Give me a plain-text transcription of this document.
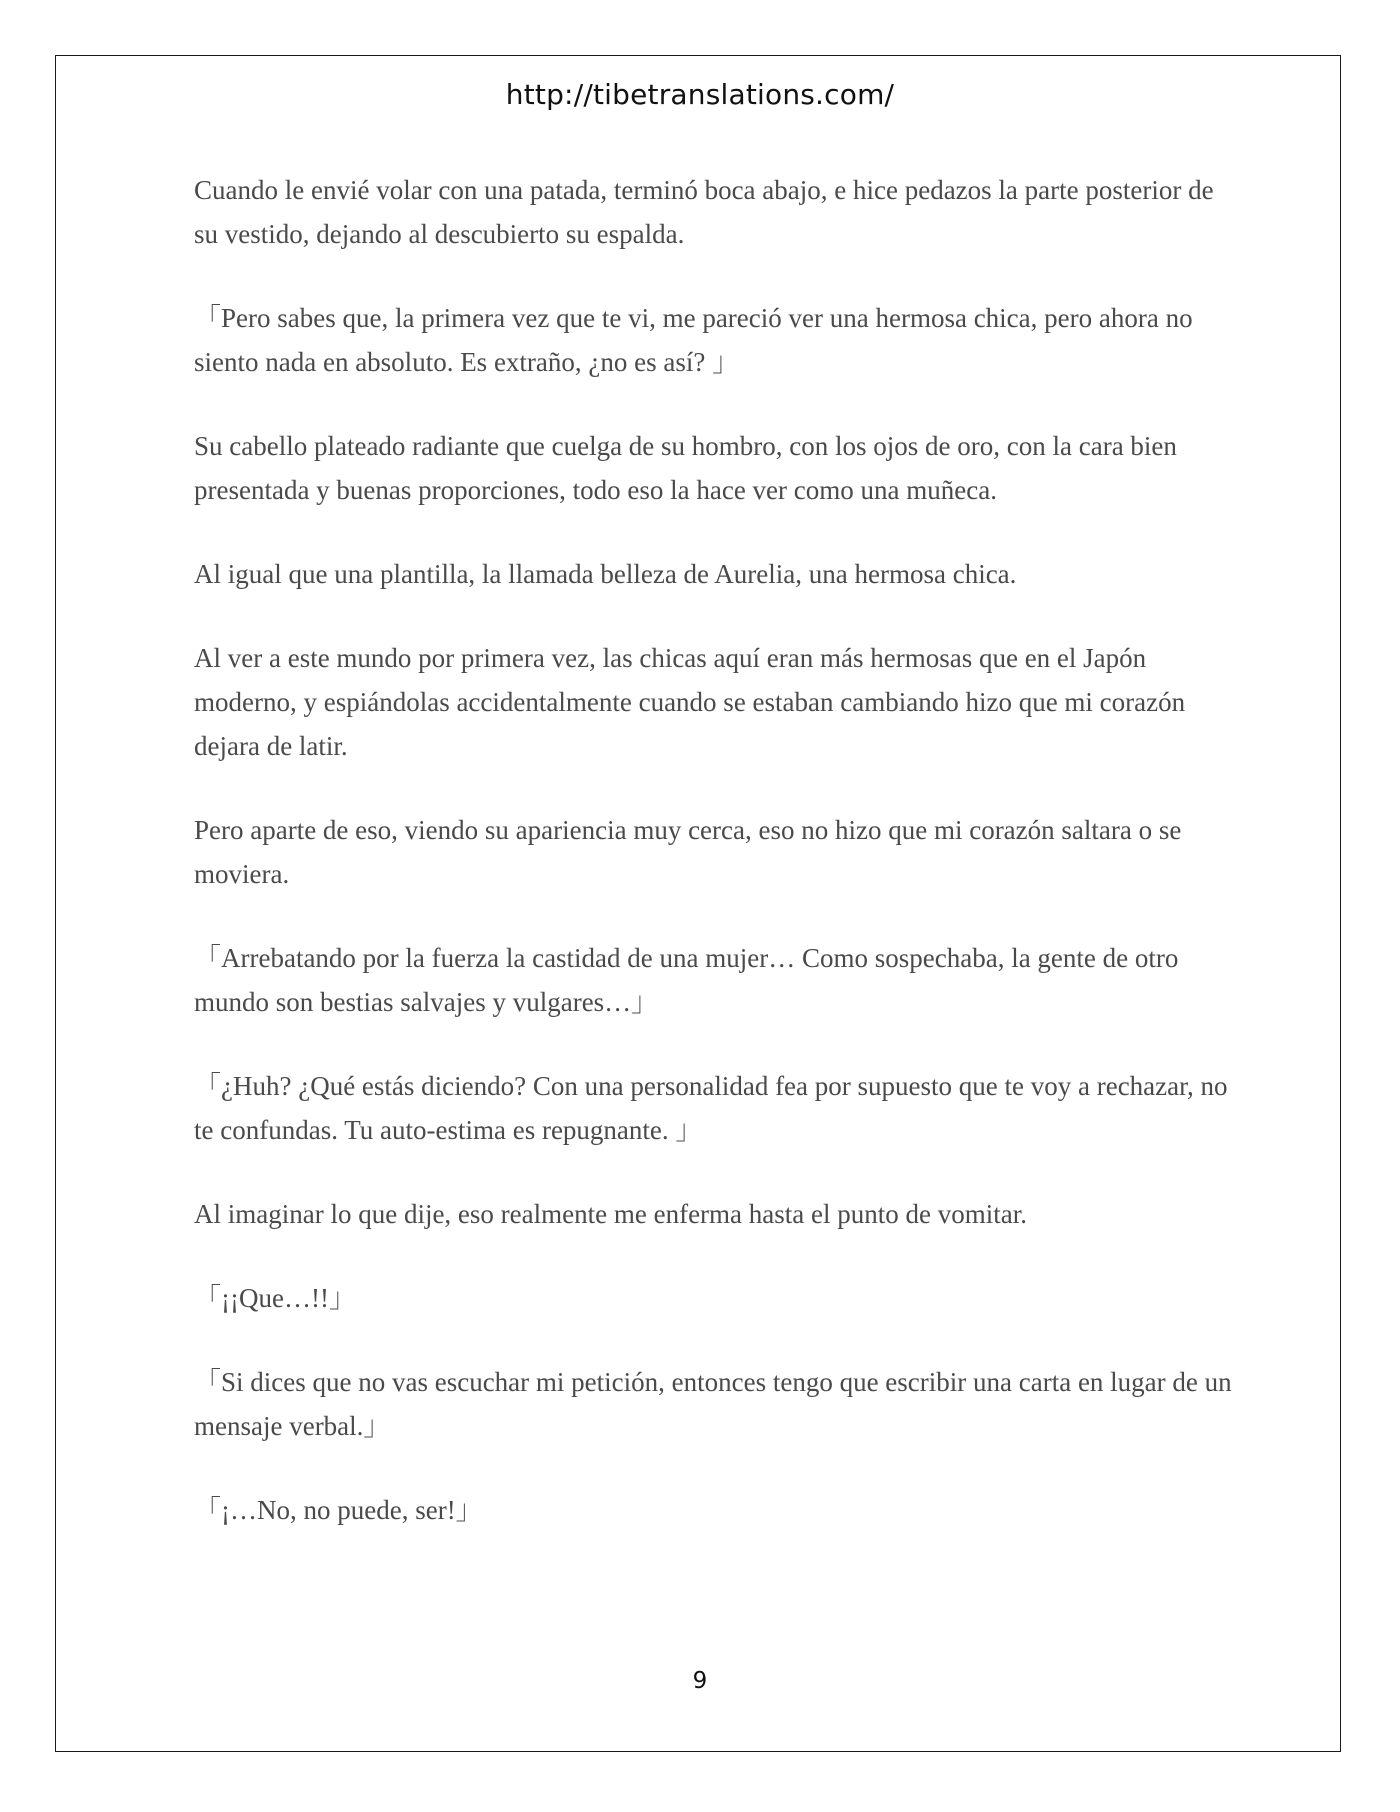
http://tibetranslations.com/

Cuando le envié volar con una patada, terminó boca abajo, e hice pedazos la parte posterior de su vestido, dejando al descubierto su espalda.

「Pero sabes que, la primera vez que te vi, me pareció ver una hermosa chica, pero ahora no siento nada en absoluto. Es extraño, ¿no es así? 」

Su cabello plateado radiante que cuelga de su hombro, con los ojos de oro, con la cara bien presentada y buenas proporciones, todo eso la hace ver como una muñeca.

Al igual que una plantilla, la llamada belleza de Aurelia, una hermosa chica.

Al ver a este mundo por primera vez, las chicas aquí eran más hermosas que en el Japón moderno, y espiándolas accidentalmente cuando se estaban cambiando hizo que mi corazón dejara de latir.

Pero aparte de eso, viendo su apariencia muy cerca, eso no hizo que mi corazón saltara o se moviera.

「Arrebatando por la fuerza la castidad de una mujer… Como sospechaba, la gente de otro mundo son bestias salvajes y vulgares…」

「¿Huh? ¿Qué estás diciendo? Con una personalidad fea por supuesto que te voy a rechazar, no te confundas. Tu auto-estima es repugnante. 」

Al imaginar lo que dije, eso realmente me enferma hasta el punto de vomitar.

「¡¡Que…!!」

「Si dices que no vas escuchar mi petición, entonces tengo que escribir una carta en lugar de un mensaje verbal.」

「¡…No, no puede, ser!」

9
